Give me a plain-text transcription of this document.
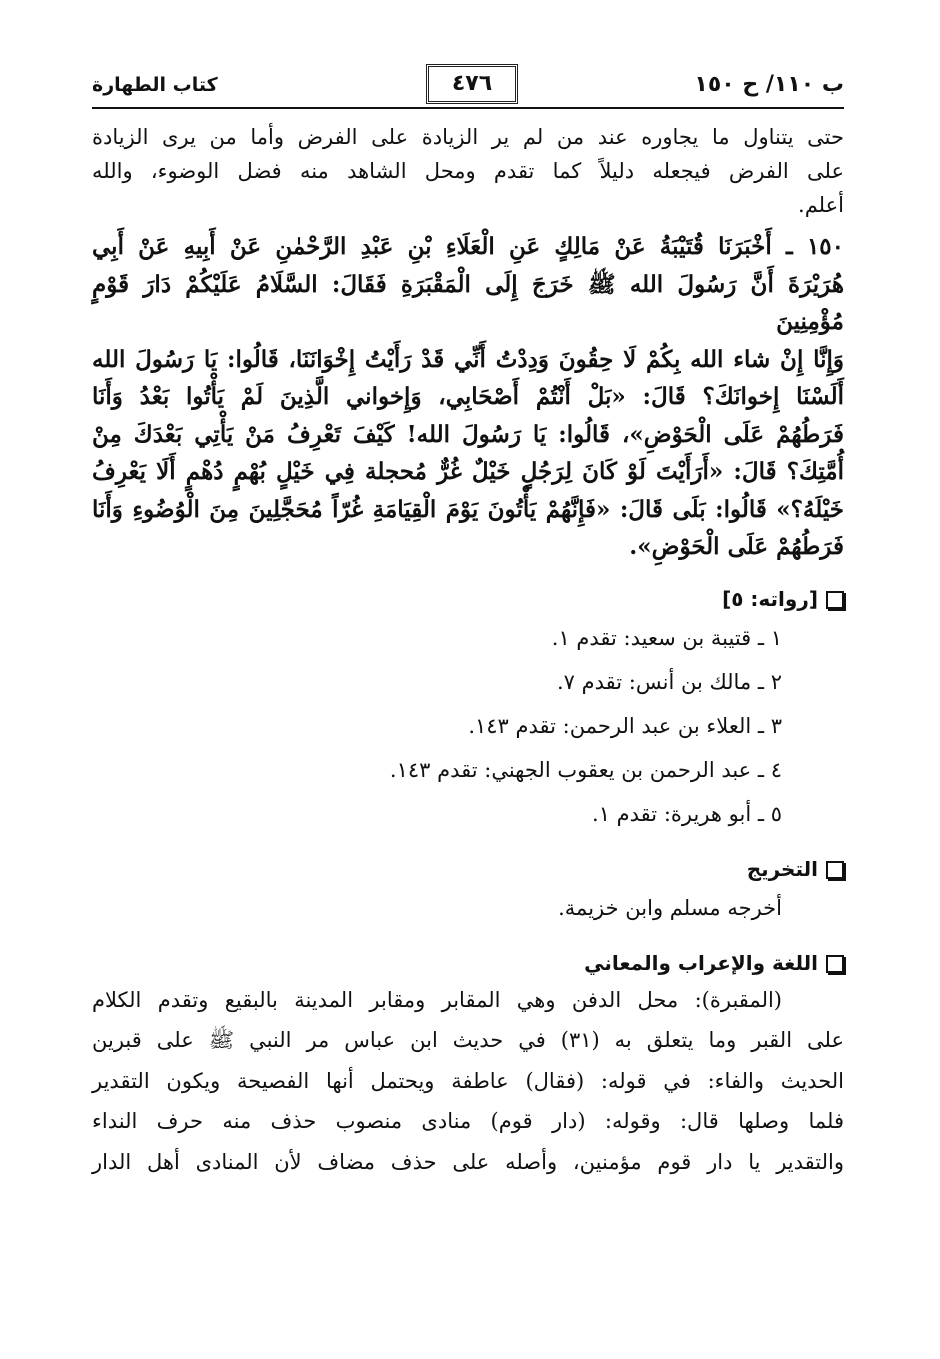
ب ١١٠/ ح ١٥٠
٤٧٦
كتاب الطهارة
حتى يتناول ما يجاوره عند من لم ير الزيادة على الفرض وأما من يرى الزيادة
على الفرض فيجعله دليلاً كما تقدم ومحل الشاهد منه فضل الوضوء، والله
أعلم.
١٥٠ ـ أَخْبَرَنَا قُتَيْبَةُ عَنْ مَالِكٍ عَنِ الْعَلَاءِ بْنِ عَبْدِ الرَّحْمٰنِ عَنْ أَبِيهِ عَنْ أَبِي
هُرَيْرَةَ أَنَّ رَسُولَ الله ﷺ خَرَجَ إِلَى الْمَقْبَرَةِ فَقَالَ: السَّلَامُ عَلَيْكُمْ دَارَ قَوْمٍ مُؤْمِنِينَ
وَإِنَّا إِنْ شاء الله بِكُمْ لَا حِقُونَ وَدِدْتُ أَنِّي قَدْ رَأَيْتُ إِخْوَانَنَا، قَالُوا: يَا رَسُولَ الله
أَلَسْنَا إِخوانَكَ؟ قَالَ: «بَلْ أَنْتُمْ أَصْحَابِي، وَإِخواني الَّذِينَ لَمْ يَأْتُوا بَعْدُ وَأَنَا
فَرَطُهُمْ عَلَى الْحَوْضِ»، قَالُوا: يَا رَسُولَ الله! كَيْفَ تَعْرِفُ مَنْ يَأْتِي بَعْدَكَ مِنْ
أُمَّتِكَ؟ قَالَ: «أَرَأَيْتَ لَوْ كَانَ لِرَجُلٍ خَيْلٌ غُرٌّ مُحجلة فِي خَيْلٍ بُهْمٍ دُهْمٍ أَلَا يَعْرِفُ
خَيْلَهُ؟» قَالُوا: بَلَى قَالَ: «فَإِنَّهُمْ يَأْتُونَ يَوْمَ الْقِيَامَةِ غُرّاً مُحَجَّلِينَ مِنَ الْوُضُوءِ وَأَنَا
فَرَطُهُمْ عَلَى الْحَوْضِ».
[رواته: ٥]
١ ـ قتيبة بن سعيد: تقدم ١.
٢ ـ مالك بن أنس: تقدم ٧.
٣ ـ العلاء بن عبد الرحمن: تقدم ١٤٣.
٤ ـ عبد الرحمن بن يعقوب الجهني: تقدم ١٤٣.
٥ ـ أبو هريرة: تقدم ١.
التخريج
أخرجه مسلم وابن خزيمة.
اللغة والإعراب والمعاني
(المقبرة): محل الدفن وهي المقابر ومقابر المدينة بالبقيع وتقدم الكلام
على القبر وما يتعلق به (٣١) في حديث ابن عباس مر النبي ﷺ على قبرين
الحديث والفاء: في قوله: (فقال) عاطفة ويحتمل أنها الفصيحة ويكون التقدير
فلما وصلها قال: وقوله: (دار قوم) منادى منصوب حذف منه حرف النداء
والتقدير يا دار قوم مؤمنين، وأصله على حذف مضاف لأن المنادى أهل الدار
